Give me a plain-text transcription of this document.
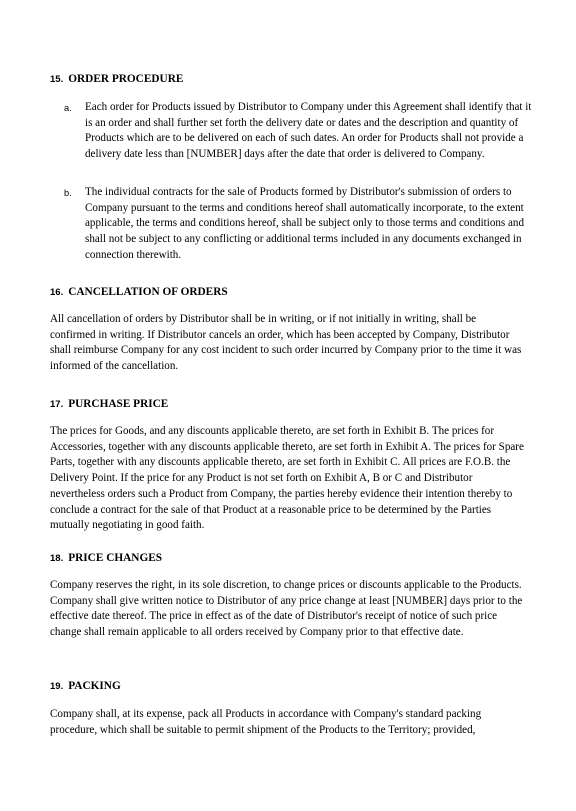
15. ORDER PROCEDURE
a. Each order for Products issued by Distributor to Company under this Agreement shall identify that it is an order and shall further set forth the delivery date or dates and the description and quantity of Products which are to be delivered on each of such dates. An order for Products shall not provide a delivery date less than [NUMBER] days after the date that order is delivered to Company.
b. The individual contracts for the sale of Products formed by Distributor's submission of orders to Company pursuant to the terms and conditions hereof shall automatically incorporate, to the extent applicable, the terms and conditions hereof, shall be subject only to those terms and conditions and shall not be subject to any conflicting or additional terms included in any documents exchanged in connection therewith.
16. CANCELLATION OF ORDERS

All cancellation of orders by Distributor shall be in writing, or if not initially in writing, shall be confirmed in writing. If Distributor cancels an order, which has been accepted by Company, Distributor shall reimburse Company for any cost incident to such order incurred by Company prior to the time it was informed of the cancellation.

17. PURCHASE PRICE

The prices for Goods, and any discounts applicable thereto, are set forth in Exhibit B. The prices for Accessories, together with any discounts applicable thereto, are set forth in Exhibit A. The prices for Spare Parts, together with any discounts applicable thereto, are set forth in Exhibit C. All prices are F.O.B. the Delivery Point. If the price for any Product is not set forth on Exhibit A, B or C and Distributor nevertheless orders such a Product from Company, the parties hereby evidence their intention thereby to conclude a contract for the sale of that Product at a reasonable price to be determined by the Parties mutually negotiating in good faith.

18. PRICE CHANGES

Company reserves the right, in its sole discretion, to change prices or discounts applicable to the Products. Company shall give written notice to Distributor of any price change at least [NUMBER] days prior to the effective date thereof. The price in effect as of the date of Distributor's receipt of notice of such price change shall remain applicable to all orders received by Company prior to that effective date.

19. PACKING

Company shall, at its expense, pack all Products in accordance with Company's standard packing procedure, which shall be suitable to permit shipment of the Products to the Territory; provided,
